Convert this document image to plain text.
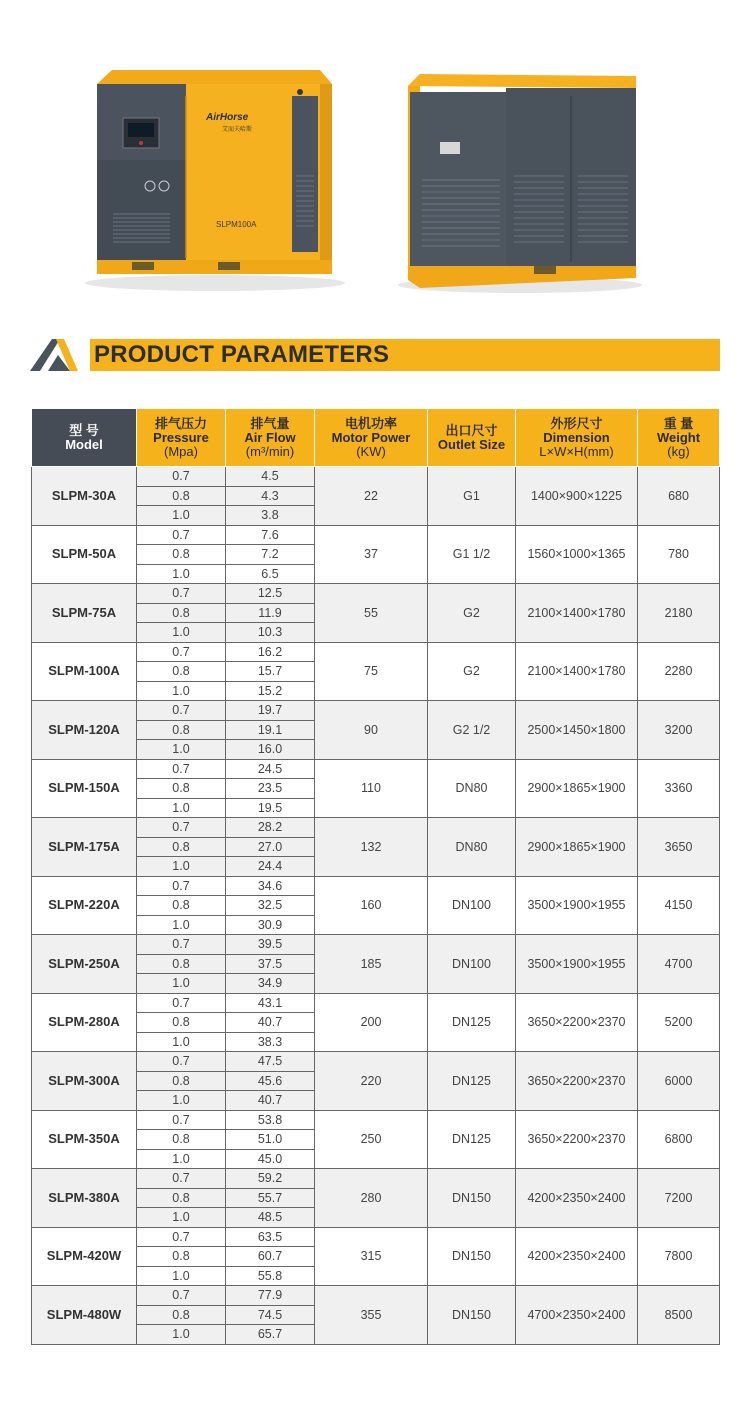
AirHorse
艾而夫哈斯
SLPM100A
PRODUCT PARAMETERS
型 号
Model	排气压力
Pressure
(Mpa)	排气量
Air Flow
(m³/min)	电机功率
Motor Power
(KW)	出口尺寸
Outlet Size	外形尺寸
Dimension
L×W×H(mm)	重 量
Weight
(kg)

SLPM-30A	0.7	4.5	22	G1	1400×900×1225	680
	0.8	4.3				
	1.0	3.8				
SLPM-50A	0.7	7.6	37	G1 1/2	1560×1000×1365	780
	0.8	7.2				
	1.0	6.5				
SLPM-75A	0.7	12.5	55	G2	2100×1400×1780	2180
	0.8	11.9				
	1.0	10.3				
SLPM-100A	0.7	16.2	75	G2	2100×1400×1780	2280
	0.8	15.7				
	1.0	15.2				
SLPM-120A	0.7	19.7	90	G2 1/2	2500×1450×1800	3200
	0.8	19.1				
	1.0	16.0				
SLPM-150A	0.7	24.5	110	DN80	2900×1865×1900	3360
	0.8	23.5				
	1.0	19.5				
SLPM-175A	0.7	28.2	132	DN80	2900×1865×1900	3650
	0.8	27.0				
	1.0	24.4				
SLPM-220A	0.7	34.6	160	DN100	3500×1900×1955	4150
	0.8	32.5				
	1.0	30.9				
SLPM-250A	0.7	39.5	185	DN100	3500×1900×1955	4700
	0.8	37.5				
	1.0	34.9				
SLPM-280A	0.7	43.1	200	DN125	3650×2200×2370	5200
	0.8	40.7				
	1.0	38.3				
SLPM-300A	0.7	47.5	220	DN125	3650×2200×2370	6000
	0.8	45.6				
	1.0	40.7				
SLPM-350A	0.7	53.8	250	DN125	3650×2200×2370	6800
	0.8	51.0				
	1.0	45.0				
SLPM-380A	0.7	59.2	280	DN150	4200×2350×2400	7200
	0.8	55.7				
	1.0	48.5				
SLPM-420W	0.7	63.5	315	DN150	4200×2350×2400	7800
	0.8	60.7				
	1.0	55.8				
SLPM-480W	0.7	77.9	355	DN150	4700×2350×2400	8500
	0.8	74.5				
	1.0	65.7				
